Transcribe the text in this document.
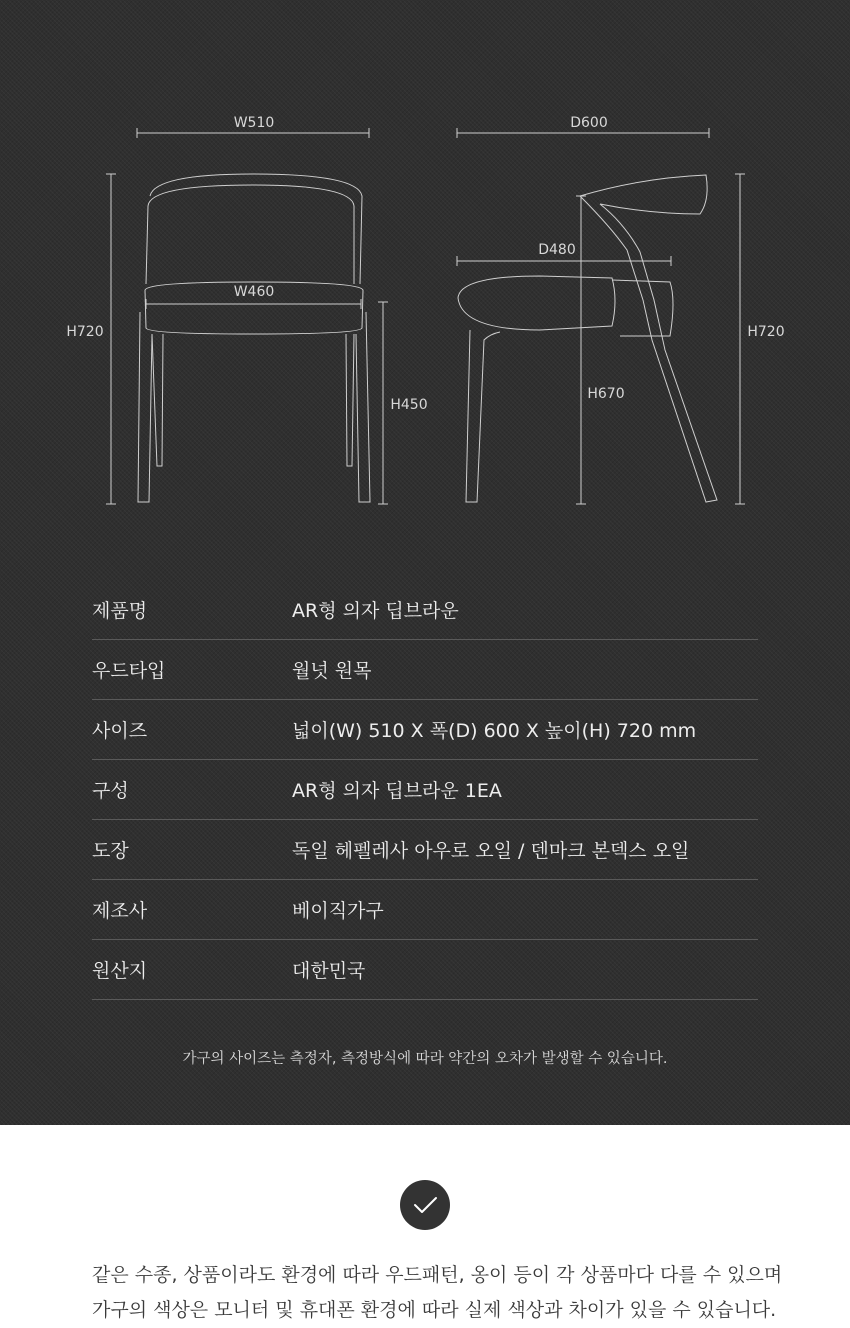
W510
W460
H720
H450
D600
D480
H670
H720
제품명	AR형 의자 딥브라운
우드타입	월넛 원목
사이즈	넓이(W) 510 X 폭(D) 600 X 높이(H) 720 mm
구성	AR형 의자 딥브라운 1EA
도장	독일 헤펠레사 아우로 오일 / 덴마크 본덱스 오일
제조사	베이직가구
원산지	대한민국
가구의 사이즈는 측정자, 측정방식에 따라 약간의 오차가 발생할 수 있습니다.
같은 수종, 상품이라도 환경에 따라 우드패턴, 옹이 등이 각 상품마다 다를 수 있으며
가구의 색상은 모니터 및 휴대폰 환경에 따라 실제 색상과 차이가 있을 수 있습니다.
